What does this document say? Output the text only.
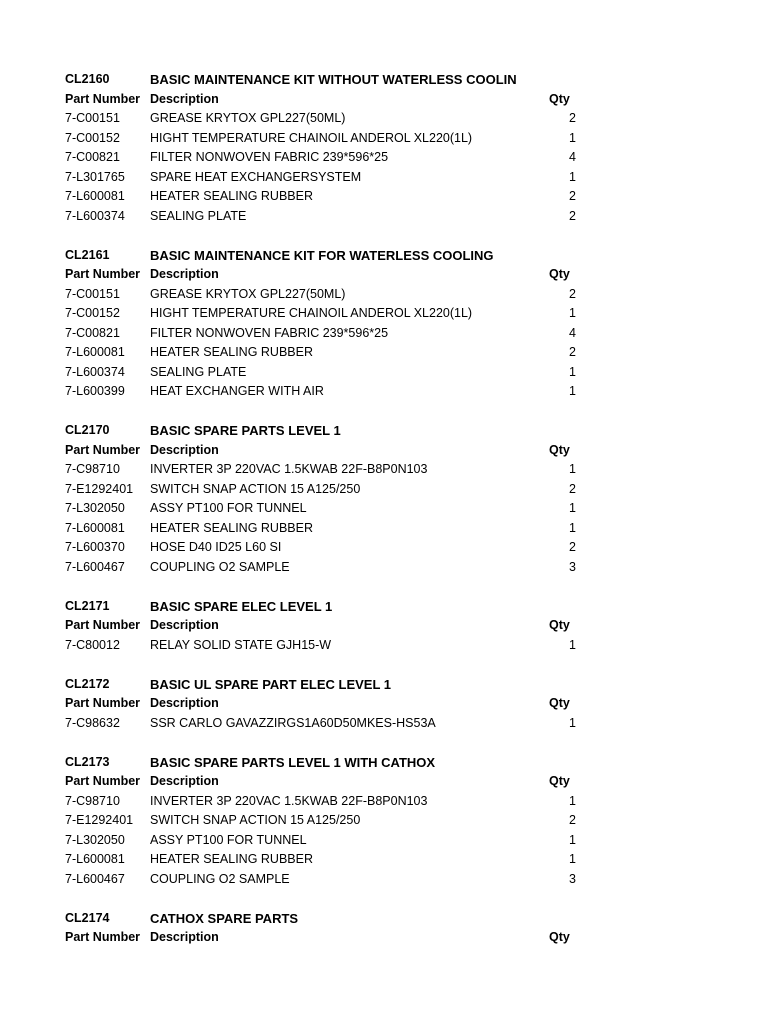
CL2160	BASIC MAINTENANCE KIT WITHOUT WATERLESS COOLIN
Part Number Description	Qty
7-C00151 GREASE KRYTOX GPL227(50ML)	2
7-C00152 HIGHT TEMPERATURE CHAINOIL ANDEROL XL220(1L)	1
7-C00821 FILTER NONWOVEN FABRIC 239*596*25	4
7-L301765 SPARE HEAT EXCHANGERSYSTEM	1
7-L600081 HEATER SEALING RUBBER	2
7-L600374 SEALING PLATE	2
CL2161	BASIC MAINTENANCE KIT FOR WATERLESS COOLING
Part Number Description	Qty
7-C00151 GREASE KRYTOX GPL227(50ML)	2
7-C00152 HIGHT TEMPERATURE CHAINOIL ANDEROL XL220(1L)	1
7-C00821 FILTER NONWOVEN FABRIC 239*596*25	4
7-L600081 HEATER SEALING RUBBER	2
7-L600374 SEALING PLATE	1
7-L600399 HEAT EXCHANGER WITH AIR	1
CL2170	BASIC SPARE PARTS LEVEL 1
Part Number Description	Qty
7-C98710 INVERTER 3P 220VAC 1.5KWAB 22F-B8P0N103	1
7-E1292401 SWITCH SNAP ACTION 15 A125/250	2
7-L302050 ASSY PT100 FOR TUNNEL	1
7-L600081 HEATER SEALING RUBBER	1
7-L600370 HOSE D40 ID25 L60 SI	2
7-L600467 COUPLING O2 SAMPLE	3
CL2171	BASIC SPARE ELEC LEVEL 1
Part Number Description	Qty
7-C80012 RELAY SOLID STATE GJH15-W	1
CL2172	BASIC UL SPARE PART ELEC LEVEL 1
Part Number Description	Qty
7-C98632 SSR CARLO GAVAZZIRGS1A60D50MKES-HS53A	1
CL2173	BASIC SPARE PARTS LEVEL 1 WITH CATHOX
Part Number Description	Qty
7-C98710 INVERTER 3P 220VAC 1.5KWAB 22F-B8P0N103	1
7-E1292401 SWITCH SNAP ACTION 15 A125/250	2
7-L302050 ASSY PT100 FOR TUNNEL	1
7-L600081 HEATER SEALING RUBBER	1
7-L600467 COUPLING O2 SAMPLE	3
CL2174	CATHOX SPARE PARTS
Part Number Description	Qty
